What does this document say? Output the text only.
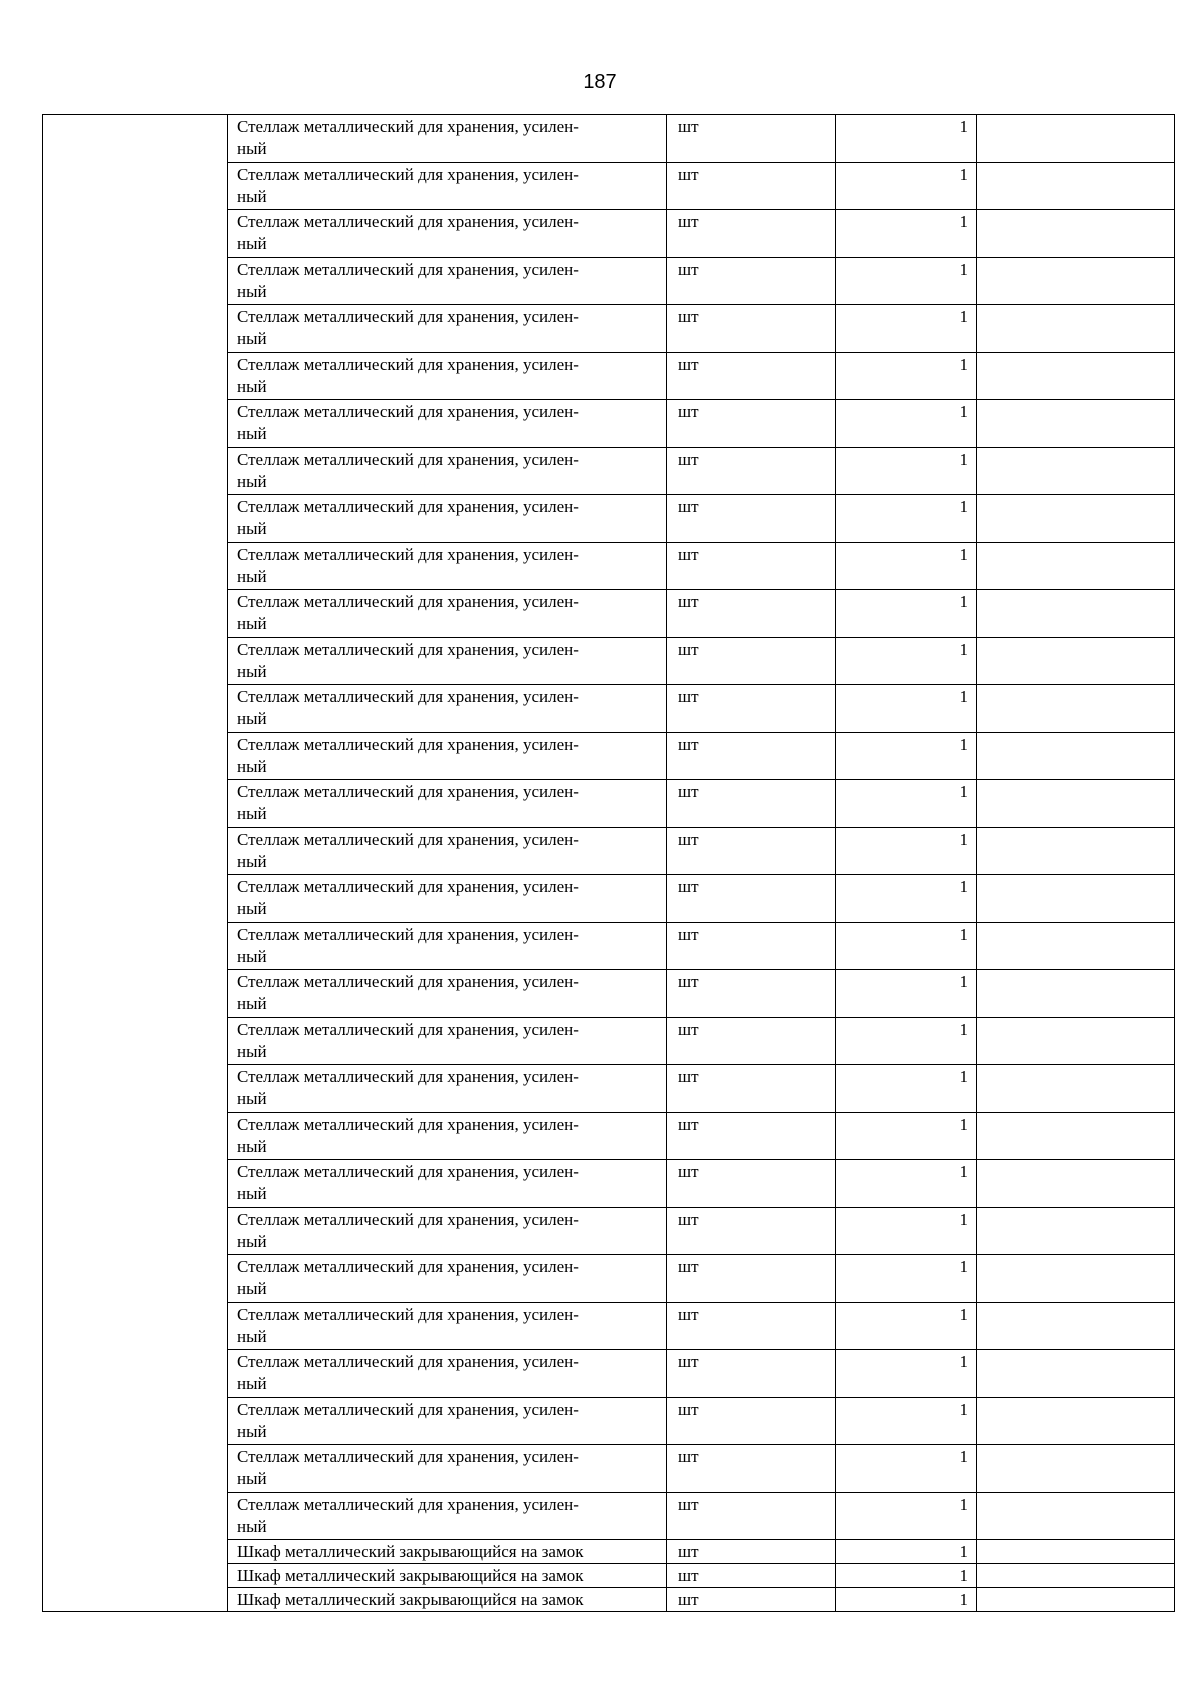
187

	Стеллаж металлический для хранения, усилен-
ный	шт	1	

	Стеллаж металлический для хранения, усилен-
ный	шт	1	

	Стеллаж металлический для хранения, усилен-
ный	шт	1	

	Стеллаж металлический для хранения, усилен-
ный	шт	1	

	Стеллаж металлический для хранения, усилен-
ный	шт	1	

	Стеллаж металлический для хранения, усилен-
ный	шт	1	

	Стеллаж металлический для хранения, усилен-
ный	шт	1	

	Стеллаж металлический для хранения, усилен-
ный	шт	1	

	Стеллаж металлический для хранения, усилен-
ный	шт	1	

	Стеллаж металлический для хранения, усилен-
ный	шт	1	

	Стеллаж металлический для хранения, усилен-
ный	шт	1	

	Стеллаж металлический для хранения, усилен-
ный	шт	1	

	Стеллаж металлический для хранения, усилен-
ный	шт	1	

	Стеллаж металлический для хранения, усилен-
ный	шт	1	

	Стеллаж металлический для хранения, усилен-
ный	шт	1	

	Стеллаж металлический для хранения, усилен-
ный	шт	1	

	Стеллаж металлический для хранения, усилен-
ный	шт	1	

	Стеллаж металлический для хранения, усилен-
ный	шт	1	

	Стеллаж металлический для хранения, усилен-
ный	шт	1	

	Стеллаж металлический для хранения, усилен-
ный	шт	1	

	Стеллаж металлический для хранения, усилен-
ный	шт	1	

	Стеллаж металлический для хранения, усилен-
ный	шт	1	

	Стеллаж металлический для хранения, усилен-
ный	шт	1	

	Стеллаж металлический для хранения, усилен-
ный	шт	1	

	Стеллаж металлический для хранения, усилен-
ный	шт	1	

	Стеллаж металлический для хранения, усилен-
ный	шт	1	

	Стеллаж металлический для хранения, усилен-
ный	шт	1	

	Стеллаж металлический для хранения, усилен-
ный	шт	1	

	Стеллаж металлический для хранения, усилен-
ный	шт	1	

	Стеллаж металлический для хранения, усилен-
ный	шт	1	

	Шкаф металлический закрывающийся на замок	шт	1	

	Шкаф металлический закрывающийся на замок	шт	1	

	Шкаф металлический закрывающийся на замок	шт	1	
